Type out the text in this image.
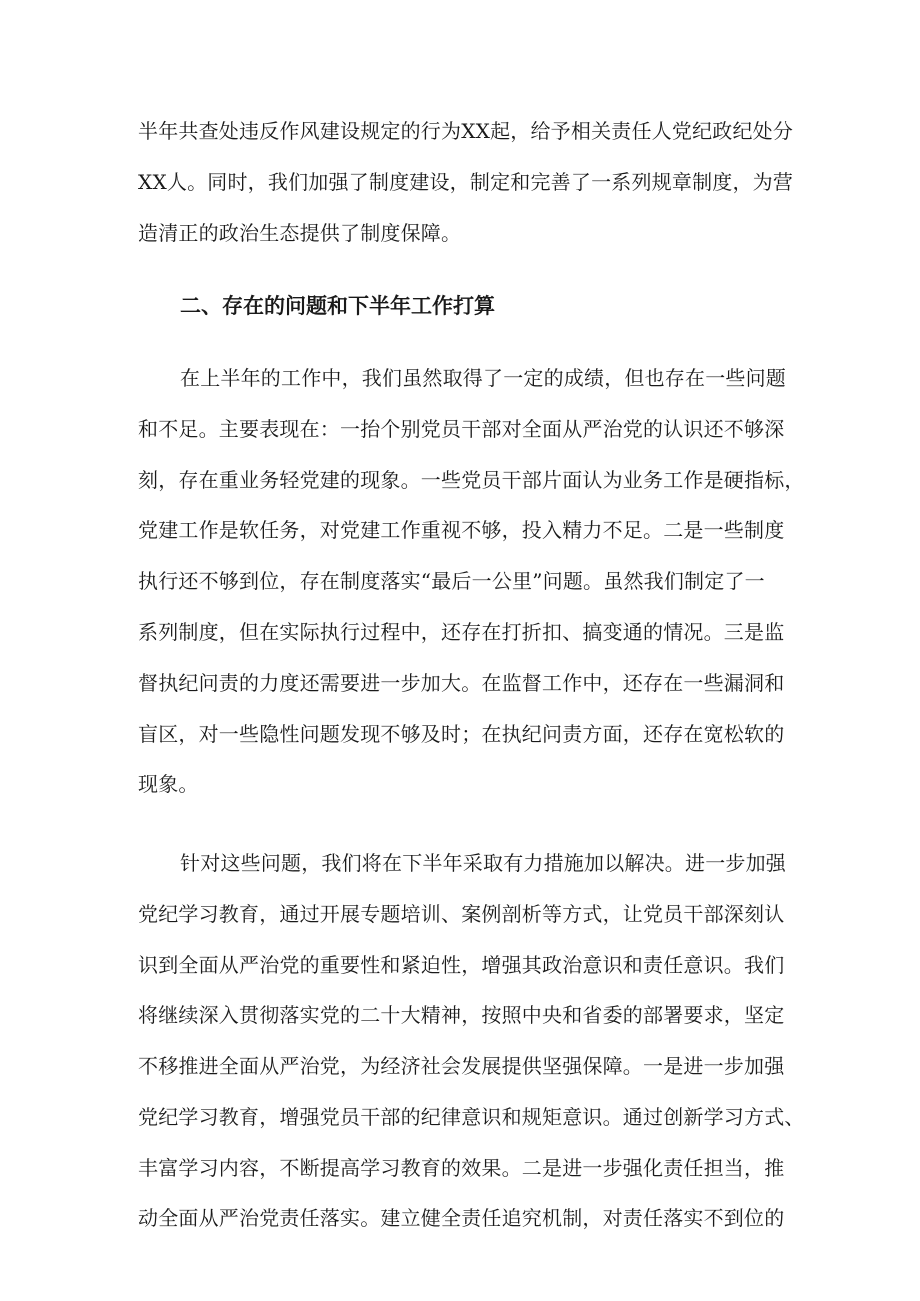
半年共查处违反作风建设规定的行为XX起，给予相关责任人党纪政纪处分

XX人。同时，我们加强了制度建设，制定和完善了一系列规章制度，为营

造清正的政治生态提供了制度保障。

二、存在的问题和下半年工作打算

在上半年的工作中，我们虽然取得了一定的成绩，但也存在一些问题

和不足。主要表现在：一抬个别党员干部对全面从严治党的认识还不够深

刻，存在重业务轻党建的现象。一些党员干部片面认为业务工作是硬指标，

党建工作是软任务，对党建工作重视不够，投入精力不足。二是一些制度

执行还不够到位，存在制度落实“最后一公里”问题。虽然我们制定了一

系列制度，但在实际执行过程中，还存在打折扣、搞变通的情况。三是监

督执纪问责的力度还需要进一步加大。在监督工作中，还存在一些漏洞和

盲区，对一些隐性问题发现不够及时；在执纪问责方面，还存在宽松软的

现象。

针对这些问题，我们将在下半年采取有力措施加以解决。进一步加强

党纪学习教育，通过开展专题培训、案例剖析等方式，让党员干部深刻认

识到全面从严治党的重要性和紧迫性，增强其政治意识和责任意识。我们

将继续深入贯彻落实党的二十大精神，按照中央和省委的部署要求，坚定

不移推进全面从严治党，为经济社会发展提供坚强保障。一是进一步加强

党纪学习教育，增强党员干部的纪律意识和规矩意识。通过创新学习方式、

丰富学习内容，不断提高学习教育的效果。二是进一步强化责任担当，推

动全面从严治党责任落实。建立健全责任追究机制，对责任落实不到位的
